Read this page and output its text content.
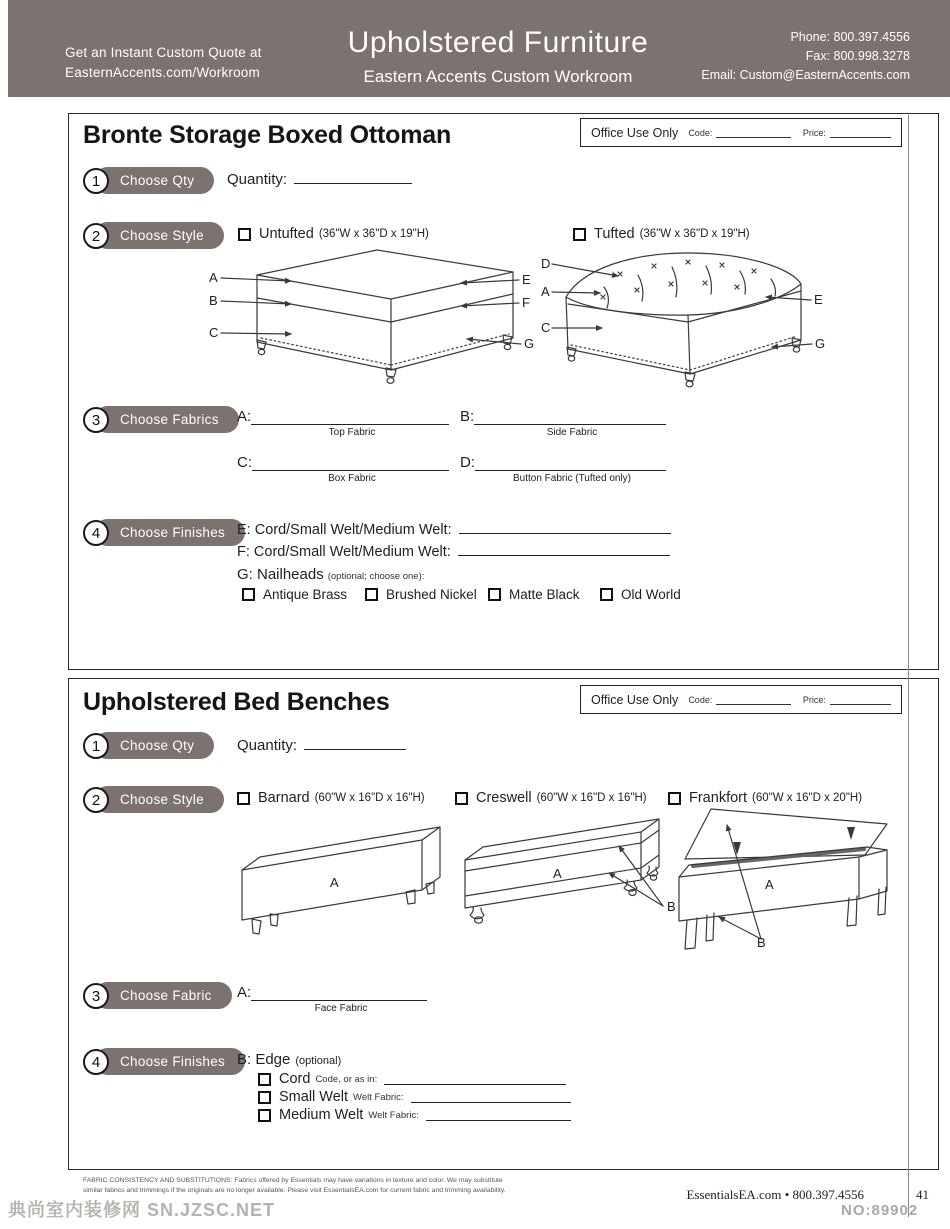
Get an Instant Custom Quote at
EasternAccents.com/Workroom
Upholstered Furniture
Eastern Accents Custom Workroom
Phone: 800.397.4556
Fax: 800.998.3278
Email: Custom@EasternAccents.com
Bronte Storage Boxed Ottoman	Office Use Only Code:	Price:
Choose Qty
1	Quantity:
Choose Style
2	Untufted (36"W x 36"D x 19"H)	Tufted (36"W x 36"D x 19"H)
A
B
C
E
F
G
D
A
C
E
G
Choose Fabrics
3	A:
Top Fabric
B:
Side Fabric
C:
Box Fabric
D:
Button Fabric (Tufted only)
Choose Finishes
4	E: Cord/Small Welt/Medium Welt:
F: Cord/Small Welt/Medium Welt:
G: Nailheads (optional; choose one):
Antique Brass	Brushed Nickel Matte Black	Old World
Upholstered Bed Benches	Office Use Only Code:	Price:
Choose Qty
1	Quantity:
Choose Style
2	Barnard (60"W x 16"D x 16"H)	Creswell (60"W x 16"D x 16"H)	Frankfort (60"W x 16"D x 20"H)
A
A
B
A
B
Choose Fabric
3	A:
Face Fabric
Choose Finishes
4	B: Edge (optional)
Cord Code, or as in:
Small Welt Welt Fabric:
Medium Welt Welt Fabric:
FABRIC CONSISTENCY AND SUBSTITUTIONS: Fabrics offered by Essentials may have variations in texture and color. We may substitute
similar fabrics and trimmings if the originals are no longer available. Please visit EssentialsEA.com for current fabric and trimming availability.	EssentialsEA.com • 800.397.4556	41
典尚室内装修网 SN.JZSC.NET	NO:89902
